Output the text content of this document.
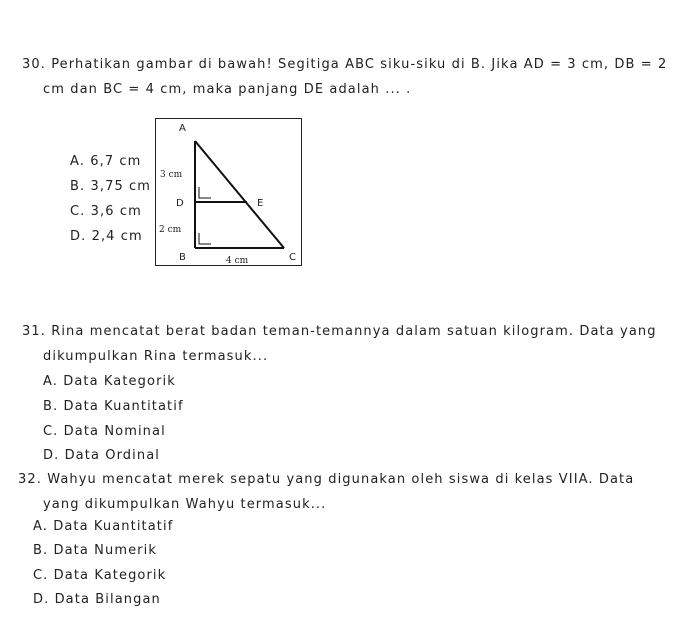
30. Perhatikan gambar di bawah! Segitiga ABC siku-siku di B. Jika AD = 3 cm, DB = 2
cm dan BC = 4 cm, maka panjang DE adalah ... .
A. 6,7 cm
B. 3,75 cm
C. 3,6 cm
D. 2,4 cm
A
D	E
B	C
3 cm
2 cm
4 cm
31. Rina mencatat berat badan teman-temannya dalam satuan kilogram. Data yang
dikumpulkan Rina termasuk...
A. Data Kategorik
B. Data Kuantitatif
C. Data Nominal
D. Data Ordinal
32. Wahyu mencatat merek sepatu yang digunakan oleh siswa di kelas VIIA. Data
yang dikumpulkan Wahyu termasuk...
A. Data Kuantitatif
B. Data Numerik
C. Data Kategorik
D. Data Bilangan
